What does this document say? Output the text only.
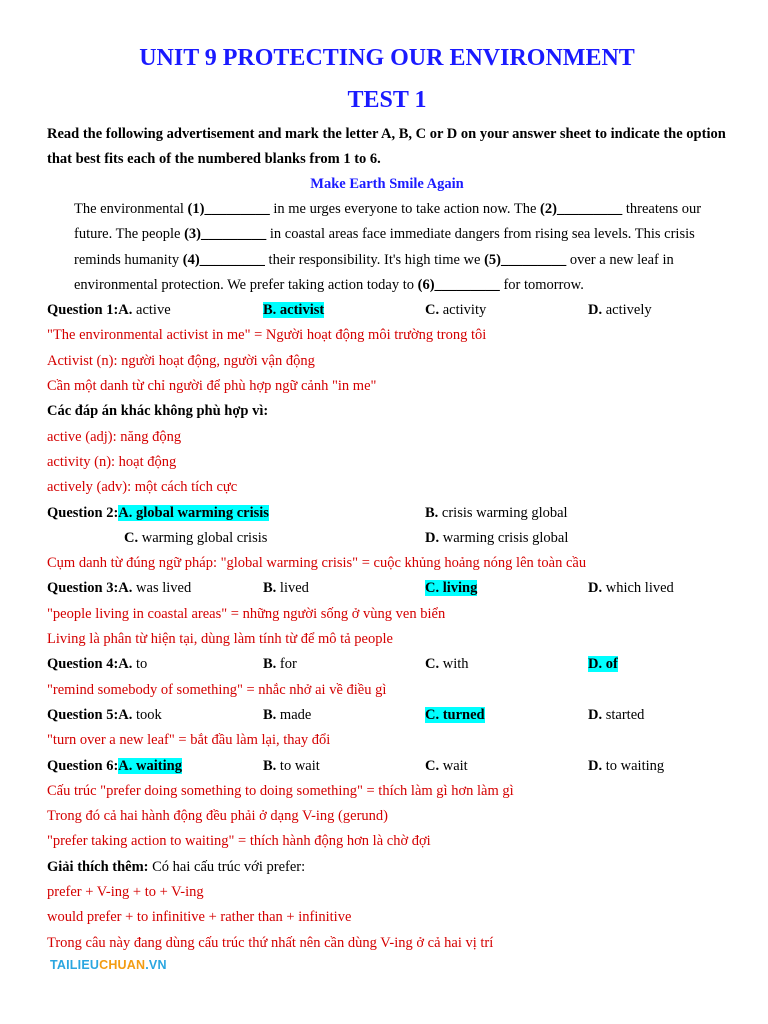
UNIT 9 PROTECTING OUR ENVIRONMENT
TEST 1
Read the following advertisement and mark the letter A, B, C or D on your answer sheet to indicate the option that best fits each of the numbered blanks from 1 to 6.
Make Earth Smile Again
The environmental (1)_________ in me urges everyone to take action now. The (2)_________ threatens our future. The people (3)_________ in coastal areas face immediate dangers from rising sea levels. This crisis reminds humanity (4)_________ their responsibility. It's high time we (5)_________ over a new leaf in environmental protection. We prefer taking action today to (6)_________ for tomorrow.
Question 1:A. active	B. activist	C. activity	D. actively
"The environmental activist in me" = Người hoạt động môi trường trong tôi
Activist (n): người hoạt động, người vận động
Cần một danh từ chỉ người để phù hợp ngữ cảnh "in me"
Các đáp án khác không phù hợp vì:
active (adj): năng động
activity (n): hoạt động
actively (adv): một cách tích cực
Question 2:A. global warming crisis	B. crisis warming global
C. warming global crisis	D. warming crisis global
Cụm danh từ đúng ngữ pháp: "global warming crisis" = cuộc khủng hoảng nóng lên toàn cầu
Question 3:A. was lived	B. lived	C. living	D. which lived
"people living in coastal areas" = những người sống ở vùng ven biển
Living là phân từ hiện tại, dùng làm tính từ để mô tả people
Question 4:A. to	B. for	C. with	D. of
"remind somebody of something" = nhắc nhở ai về điều gì
Question 5:A. took	B. made	C. turned	D. started
"turn over a new leaf" = bắt đầu làm lại, thay đổi
Question 6:A. waiting	B. to wait	C. wait	D. to waiting
Cấu trúc "prefer doing something to doing something" = thích làm gì hơn làm gì
Trong đó cả hai hành động đều phải ở dạng V-ing (gerund)
"prefer taking action to waiting" = thích hành động hơn là chờ đợi
Giải thích thêm: Có hai cấu trúc với prefer:
prefer + V-ing + to + V-ing
would prefer + to infinitive + rather than + infinitive
Trong câu này đang dùng cấu trúc thứ nhất nên cần dùng V-ing ở cả hai vị trí
TAILIEUCHUAN.VN
